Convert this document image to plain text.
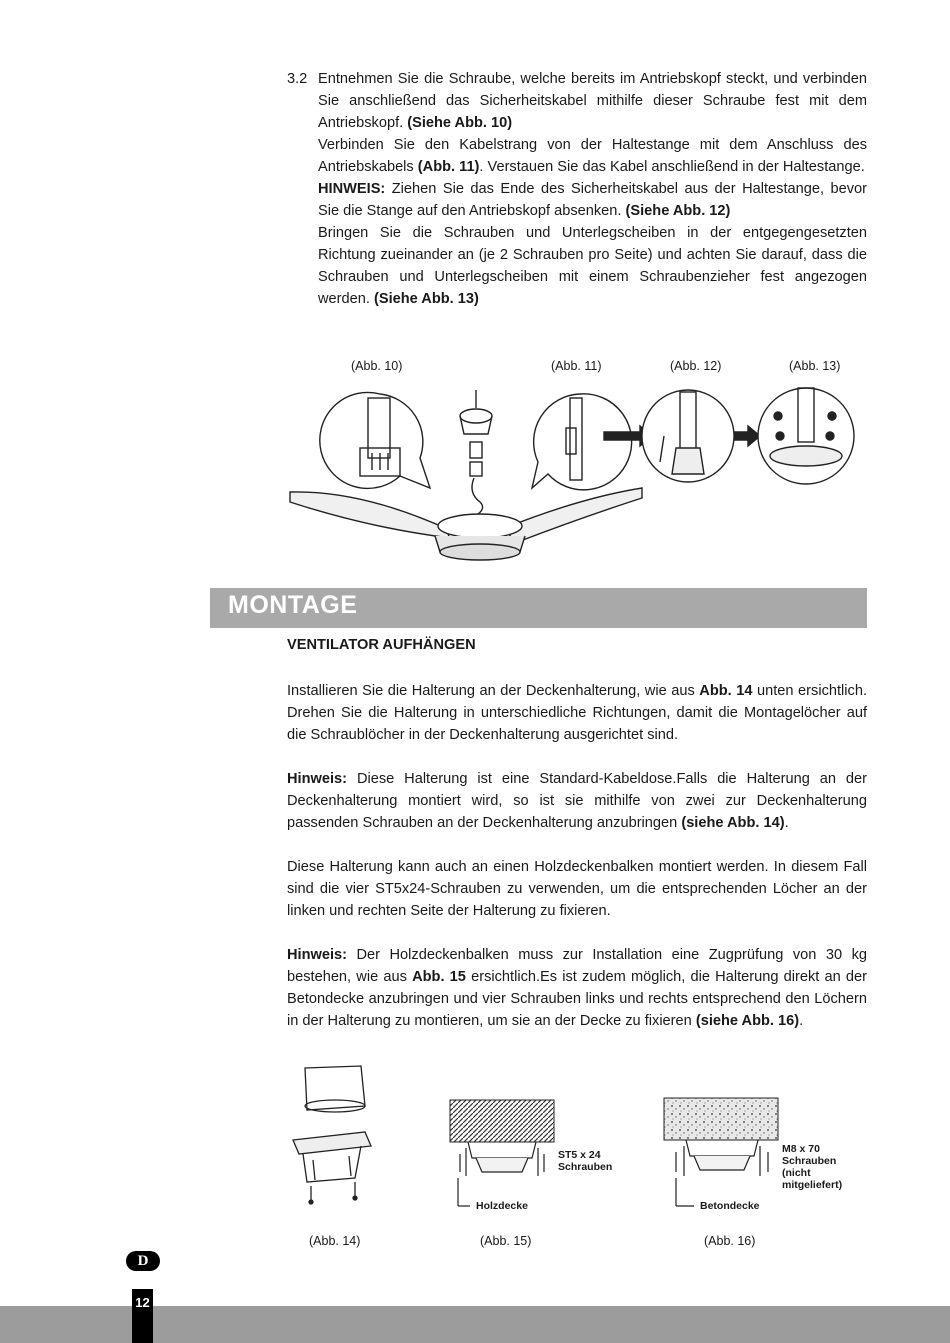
3.2 Entnehmen Sie die Schraube, welche bereits im Antriebskopf steckt, und verbinden Sie anschließend das Sicherheitskabel mithilfe dieser Schraube fest mit dem Antriebskopf. (Siehe Abb. 10)
Verbinden Sie den Kabelstrang von der Haltestange mit dem Anschluss des Antriebskabels (Abb. 11). Verstauen Sie das Kabel anschließend in der Haltestange.
HINWEIS: Ziehen Sie das Ende des Sicherheitskabel aus der Haltestange, bevor Sie die Stange auf den Antriebskopf absenken. (Siehe Abb. 12)
Bringen Sie die Schrauben und Unterlegscheiben in der entgegengesetzten Richtung zueinander an (je 2 Schrauben pro Seite) und achten Sie darauf, dass die Schrauben und Unterlegscheiben mit einem Schraubenzieher fest angezogen werden. (Siehe Abb. 13)
(Abb. 10)	(Abb. 11)	(Abb. 12)	(Abb. 13)
MONTAGE
VENTILATOR AUFHÄNGEN
Installieren Sie die Halterung an der Deckenhalterung, wie aus Abb. 14 unten ersichtlich. Drehen Sie die Halterung in unterschiedliche Richtungen, damit die Montagelöcher auf die Schraublöcher in der Deckenhalterung ausgerichtet sind.
Hinweis: Diese Halterung ist eine Standard-Kabeldose.Falls die Halterung an der Deckenhalterung montiert wird, so ist sie mithilfe von zwei zur Deckenhalterung passenden Schrauben an der Deckenhalterung anzubringen (siehe Abb. 14).
Diese Halterung kann auch an einen Holzdeckenbalken montiert werden. In diesem Fall sind die vier ST5x24-Schrauben zu verwenden, um die entsprechenden Löcher an der linken und rechten Seite der Halterung zu fixieren.
Hinweis: Der Holzdeckenbalken muss zur Installation eine Zugprüfung von 30 kg bestehen, wie aus Abb. 15 ersichtlich.Es ist zudem möglich, die Halterung direkt an der Betondecke anzubringen und vier Schrauben links und rechts entsprechend den Löchern in der Halterung zu montieren, um sie an der Decke zu fixieren (siehe Abb. 16).
ST5 x 24
Schrauben
Holzdecke
M8 x 70
Schrauben
(nicht
mitgeliefert)
Betondecke
(Abb. 14)	(Abb. 15)	(Abb. 16)
D
12
